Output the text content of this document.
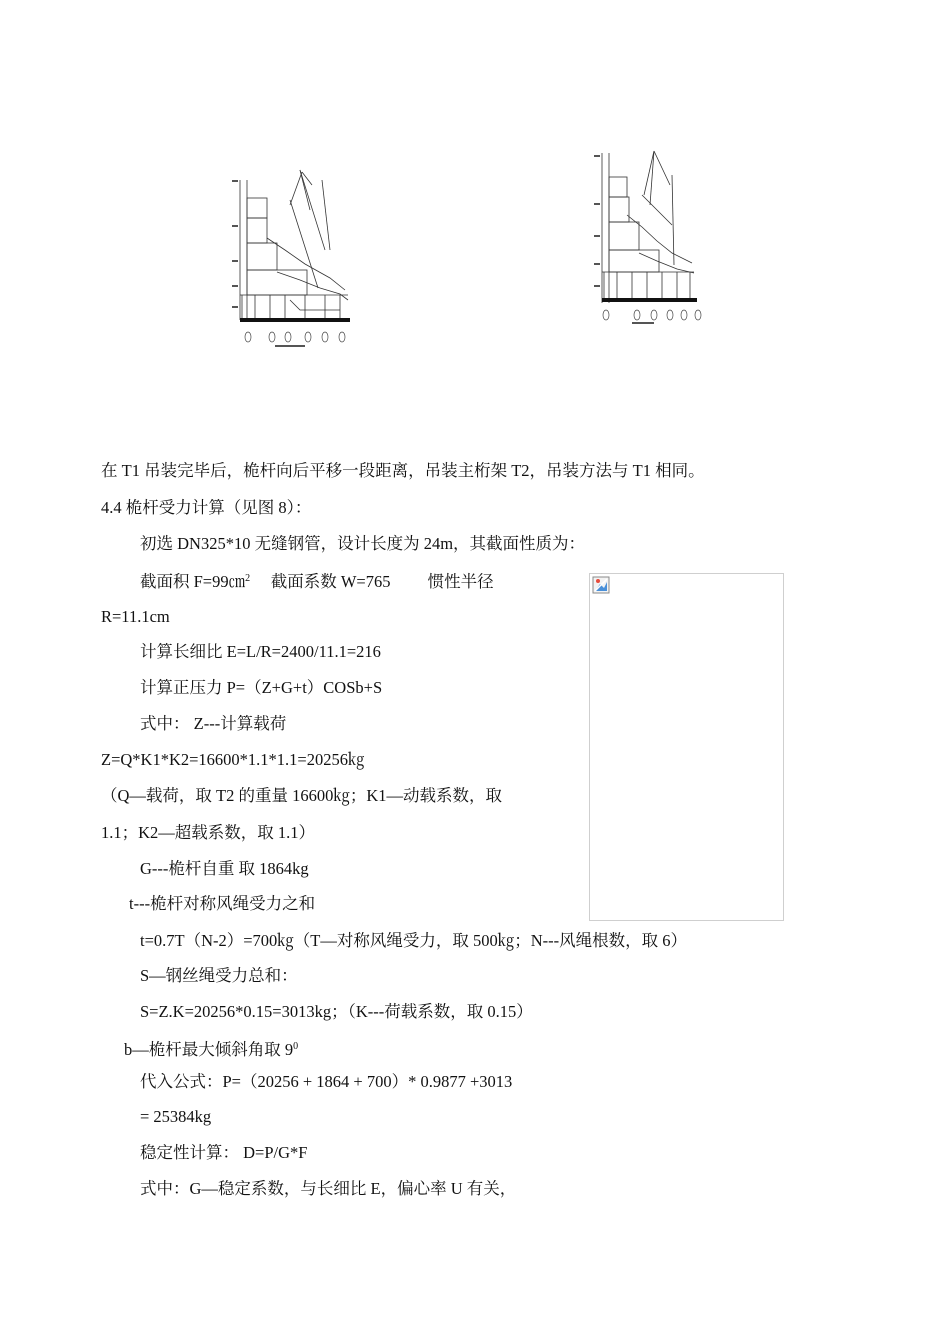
在 T1 吊装完毕后，桅杆向后平移一段距离，吊装主桁架 T2，吊装方法与 T1 相同。
4.4 桅杆受力计算（见图 8）：
初选 DN325*10 无缝钢管，设计长度为 24m，其截面性质为：
截面积 F=99㎝$^2$     截面系数 W=765         惯性半径
R=11.1cm
计算长细比 E=L/R=2400/11.1=216
计算正压力 P=（Z+G+t）COSb+S
式中： Z---计算载荷
Z=Q*K1*K2=16600*1.1*1.1=20256㎏
（Q—载荷，取 T2 的重量 16600㎏；K1—动载系数，取
1.1；K2—超载系数，取 1.1）
G---桅杆自重 取 1864kg
t---桅杆对称风绳受力之和
t=0.7T（N-2）=700㎏（T—对称风绳受力，取 500㎏；N---风绳根数，取 6）
S—钢丝绳受力总和：
S=Z.K=20256*0.15=3013kg；（K---荷载系数，取 0.15）
b—桅杆最大倾斜角取 $9^0$
代入公式：P=（20256 + 1864 + 700）* 0.9877 +3013
= 25384kg
稳定性计算： D=P/G*F
式中：G—稳定系数，与长细比 E，偏心率 U 有关，
